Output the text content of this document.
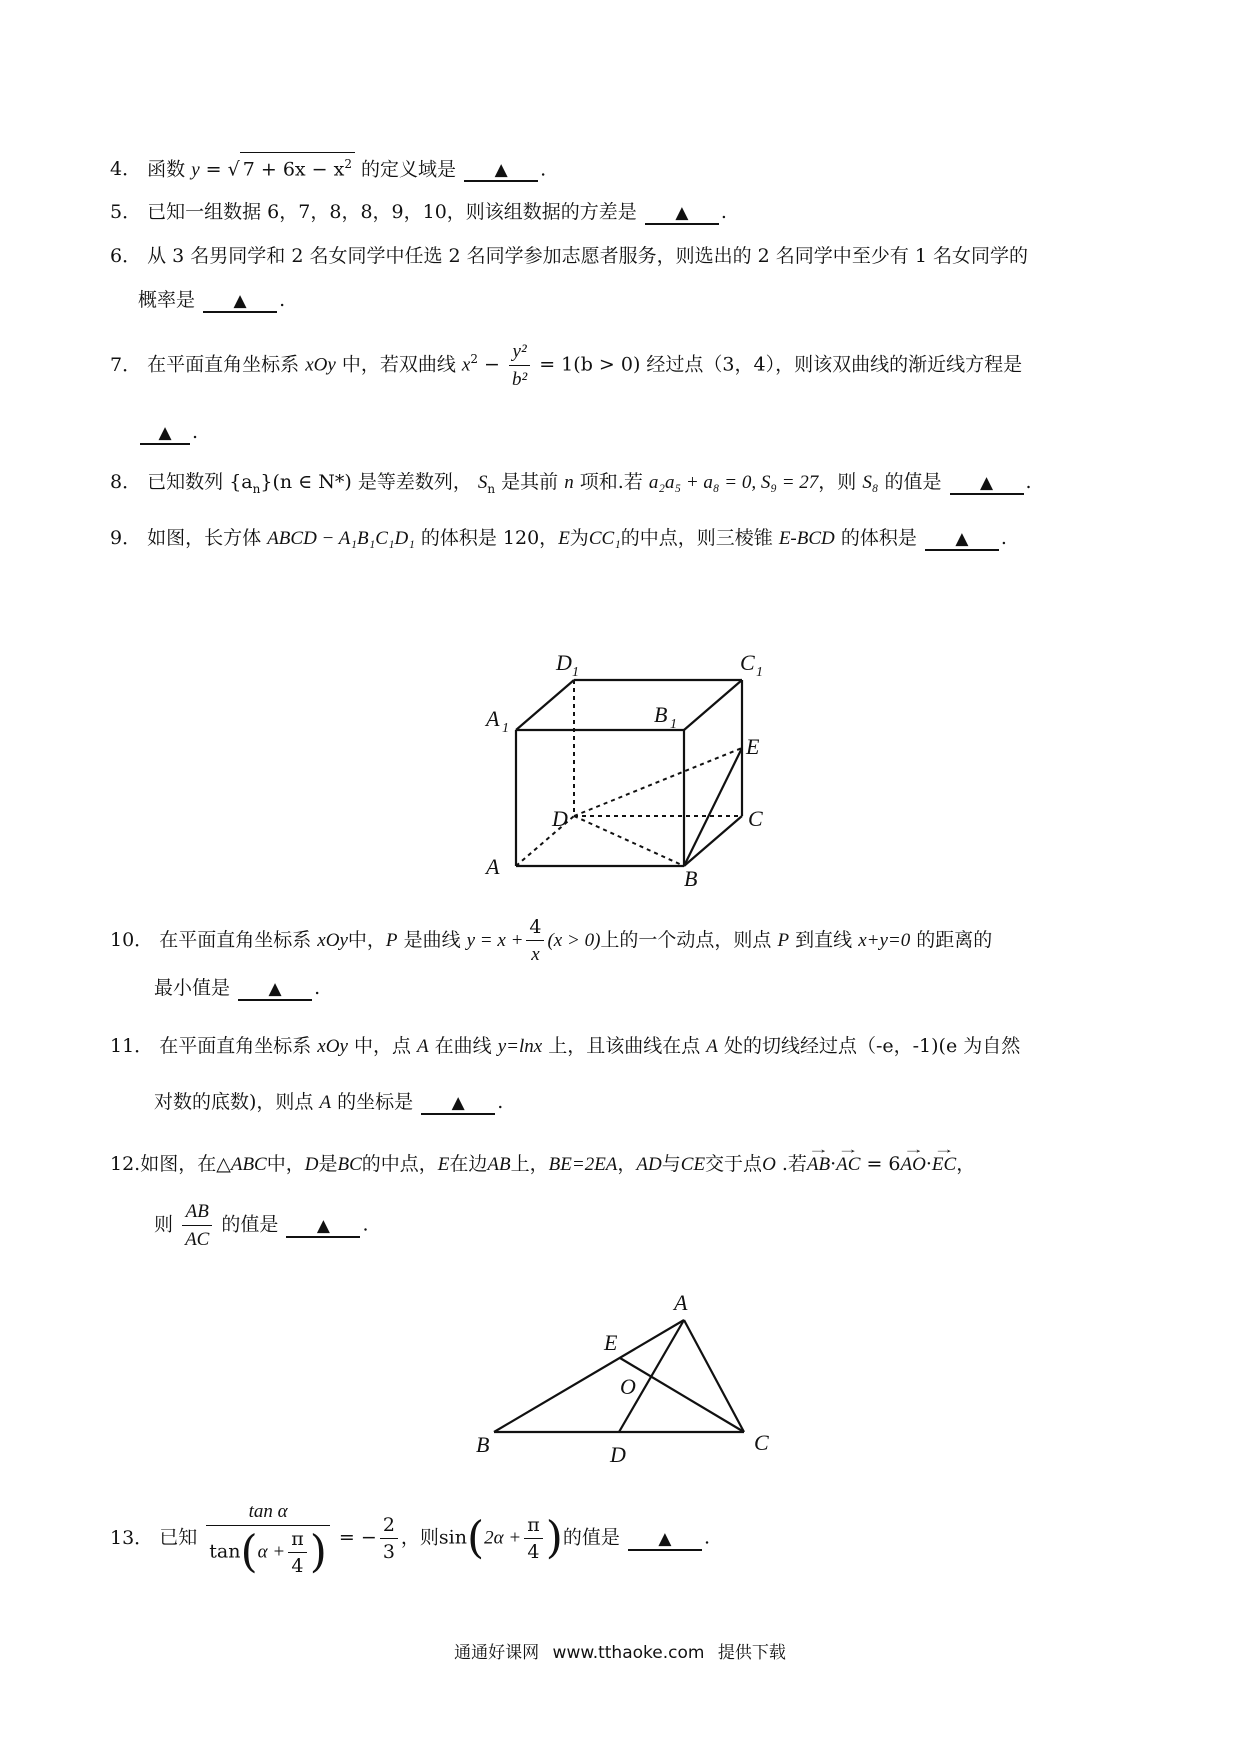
4． 函数 y = √ $7 + 6x - x^2$ 的定义域是 ▲ .
5． 已知一组数据 6，7，8，8，9，10，则该组数据的方差是 ▲ .
6． 从 3 名男同学和 2 名女同学中任选 2 名同学参加志愿者服务，则选出的 2 名同学中至少有 1 名女同学的
概率是 ▲ .
7． 在平面直角坐标系 xOy 中，若双曲线 $x^2 - \frac{\text{y²}}{\text{b²}} = 1(b > 0)$ 经过点（3，4），则该双曲线的渐近线方程是
▲ .
8． 已知数列 $\{a_n\}(n$ ∈ N*) 是等差数列， $S_n$ 是其前 n 项和.若 a₂a₅ + a₈ = 0, S₉ = 27，则 S₈ 的值是 ▲ .
9． 如图，长方体 ABCD − A₁B₁C₁D₁ 的体积是 120，E为CC₁的中点，则三棱锥 E-BCD 的体积是 ▲ .
D 1	C 1
A 1
B 1
E
D	C
A	B
10． 在平面直角坐标系 xOy中，P 是曲线 $y = x + \frac{4}{x} (x > 0)$上的一个动点，则点 P 到直线 x+y=0 的距离的
最小值是 ▲ .
11． 在平面直角坐标系 xOy 中，点 A 在曲线 y=lnx 上，且该曲线在点 A 处的切线经过点（-e，-1)(e 为自然
对数的底数)，则点 A 的坐标是 ▲ .
12.如图，在△ABC中，D是BC的中点，E在边AB上，BE=2EA，AD与CE交于点O .若→ AB·→ AC = 6→ AO·→ EC，
则 $\frac{AB}{AC}$ 的值是 ▲ .
A
E
O
B	D	C
13． 已知 $\frac{\text{tan α}}{\tan(\alpha + \frac{\pi}{4} )}$ = − $\frac{2}{3}$ ，则$\sin(2\alpha + \frac{\pi}{4}$ )的值是 ▲ .
通通好课网 www.tthaoke.com 提供下载
